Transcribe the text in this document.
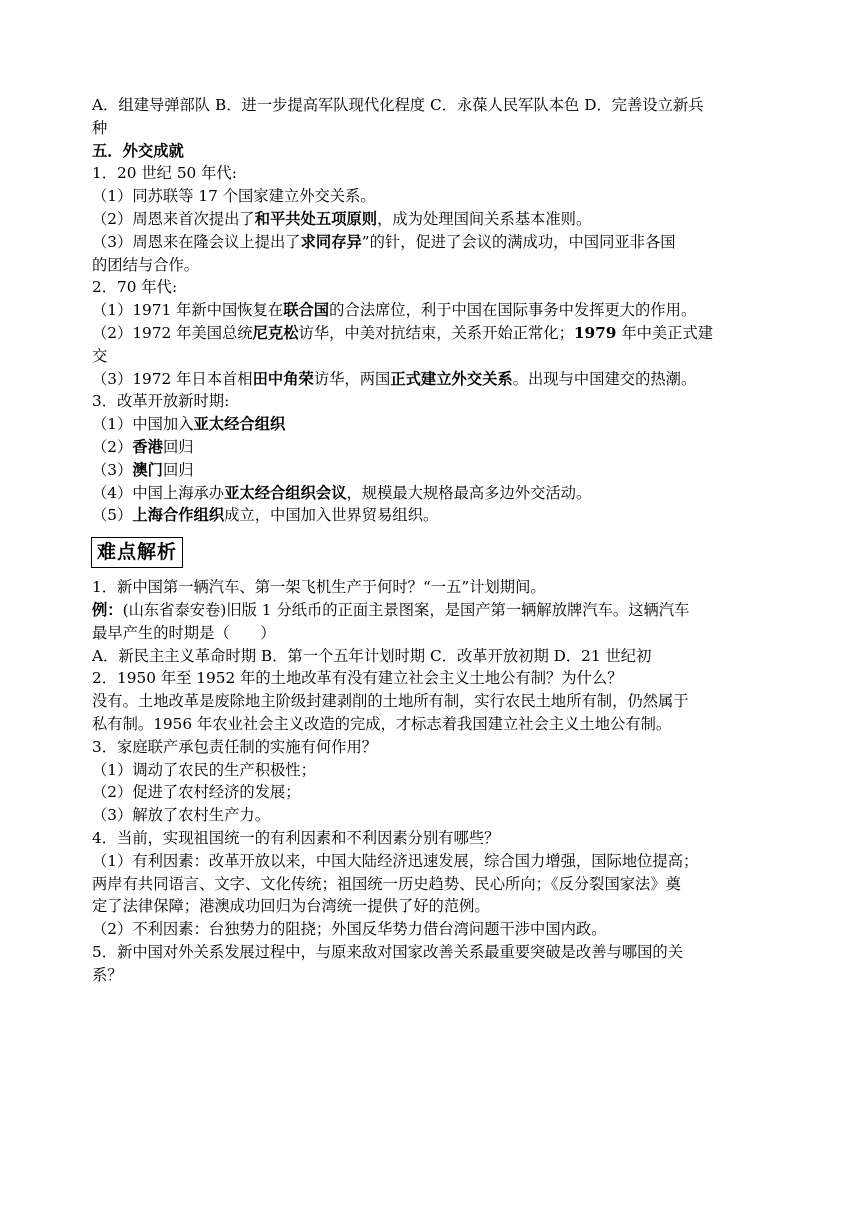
A．组建导弹部队 B．进一步提高军队现代化程度 C．永葆人民军队本色 D．完善设立新兵
种
五．外交成就
1．20 世纪 50 年代:
（1）同苏联等 17 个国家建立外交关系。
（2）周恩来首次提出了和平共处五项原则，成为处理国间关系基本准则。
（3）周恩来在隆会议上提出了求同存异”的针，促进了会议的满成功，中国同亚非各国
的团结与合作。
2．70 年代:
（1）1971 年新中国恢复在联合国的合法席位，利于中国在国际事务中发挥更大的作用。
（2）1972 年美国总统尼克松访华，中美对抗结束，关系开始正常化；1979 年中美正式建
交
（3）1972 年日本首相田中角荣访华，两国正式建立外交关系。出现与中国建交的热潮。
3．改革开放新时期:
（1）中国加入亚太经合组织
（2）香港回归
（3）澳门回归
（4）中国上海承办亚太经合组织会议，规模最大规格最高多边外交活动。
（5）上海合作组织成立，中国加入世界贸易组织。
难点解析
1．新中国第一辆汽车、第一架飞机生产于何时？“一五”计划期间。
例：(山东省泰安卷)旧版 1 分纸币的正面主景图案，是国产第一辆解放牌汽车。这辆汽车
最早产生的时期是（　　）
A．新民主主义革命时期 B．第一个五年计划时期 C．改革开放初期 D．21 世纪初
2．1950 年至 1952 年的土地改革有没有建立社会主义土地公有制？为什么？
没有。土地改革是废除地主阶级封建剥削的土地所有制，实行农民土地所有制，仍然属于
私有制。1956 年农业社会主义改造的完成，才标志着我国建立社会主义土地公有制。
3．家庭联产承包责任制的实施有何作用？
（1）调动了农民的生产积极性；
（2）促进了农村经济的发展；
（3）解放了农村生产力。
4．当前，实现祖国统一的有利因素和不利因素分别有哪些？
（1）有利因素：改革开放以来，中国大陆经济迅速发展，综合国力增强，国际地位提高；
两岸有共同语言、文字、文化传统；祖国统一历史趋势、民心所向；《反分裂国家法》奠
定了法律保障；港澳成功回归为台湾统一提供了好的范例。
（2）不利因素：台独势力的阻挠；外国反华势力借台湾问题干涉中国内政。
5．新中国对外关系发展过程中，与原来敌对国家改善关系最重要突破是改善与哪国的关
系？
